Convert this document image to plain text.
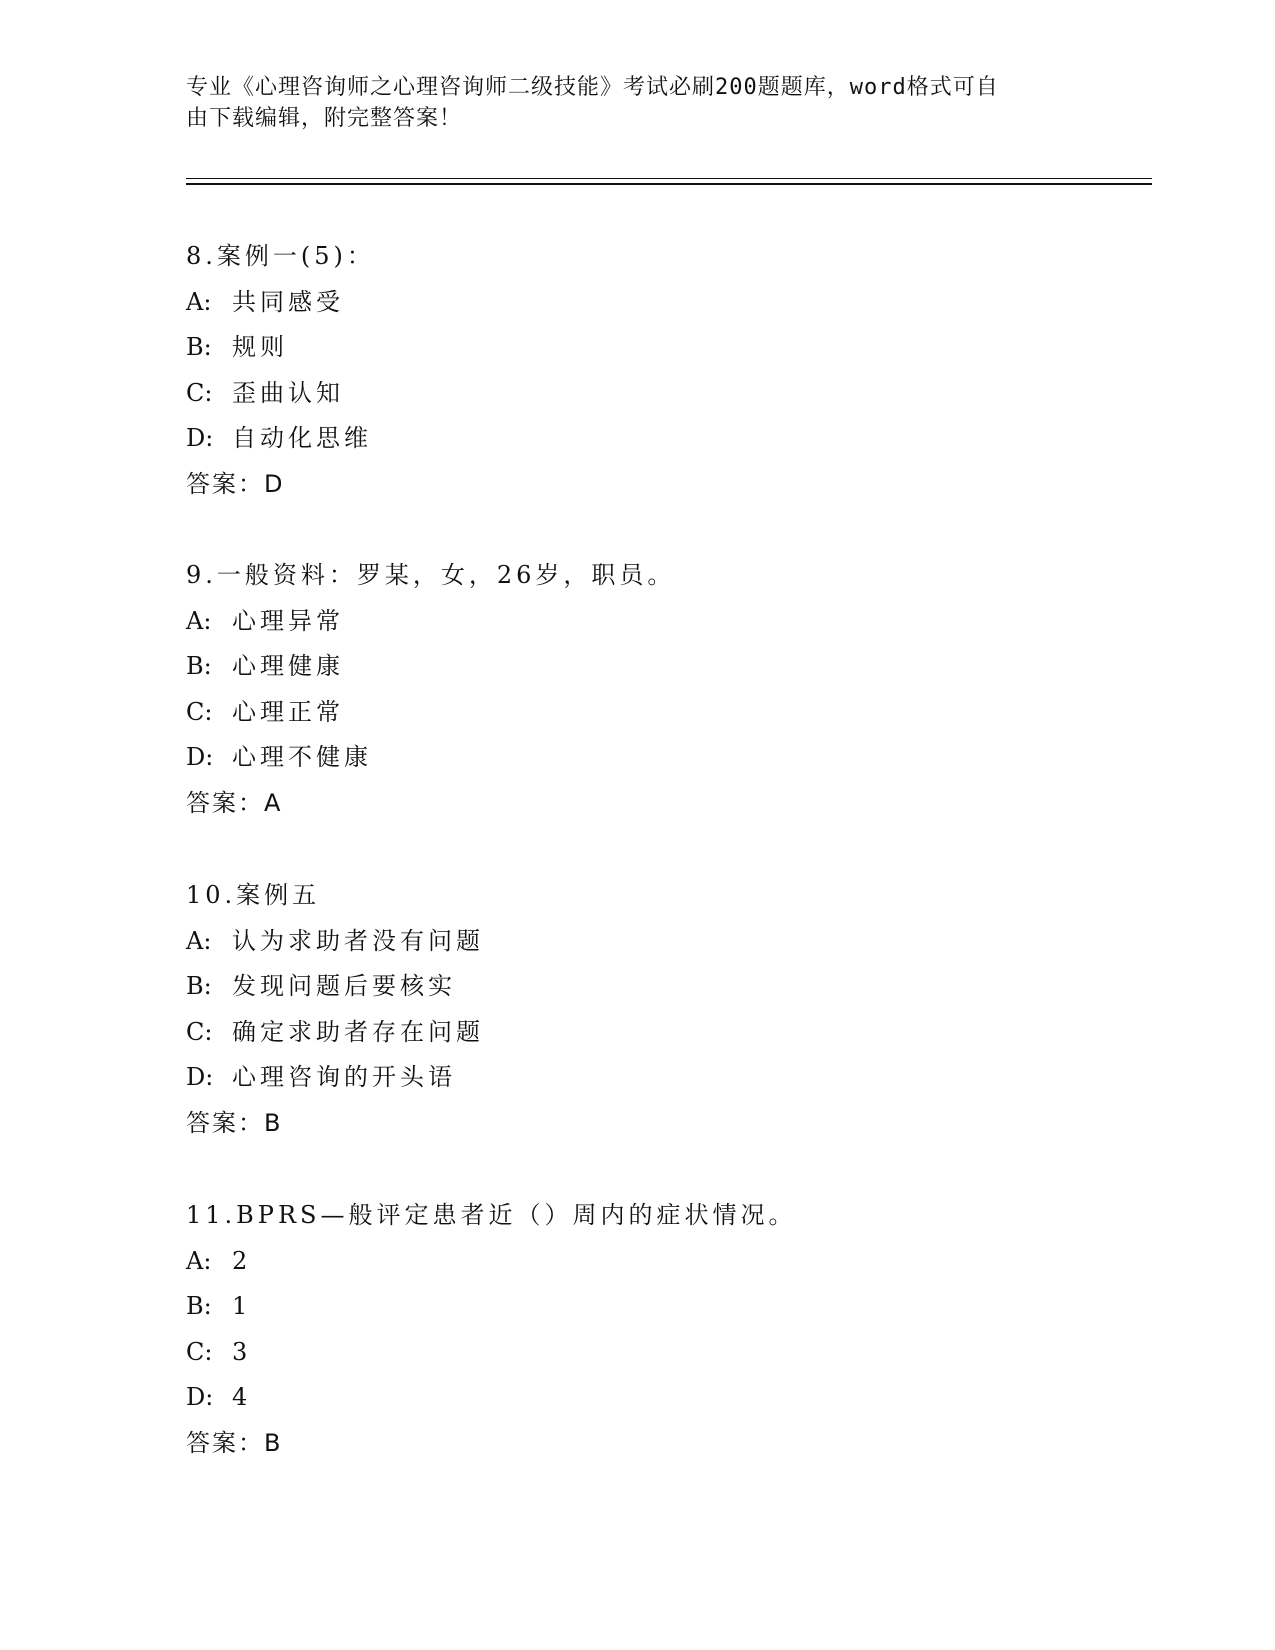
专业《心理咨询师之心理咨询师二级技能》考试必刷200题题库，word格式可自
由下载编辑，附完整答案！
8.案例一(5)：
A: 共同感受
B: 规则
C: 歪曲认知
D: 自动化思维
答案：D
9.一般资料：罗某，女，26岁，职员。
A: 心理异常
B: 心理健康
C: 心理正常
D: 心理不健康
答案：A
10.案例五
A: 认为求助者没有问题
B: 发现问题后要核实
C: 确定求助者存在问题
D: 心理咨询的开头语
答案：B
11.BPRS—般评定患者近（）周内的症状情况。
A: 2
B: 1
C: 3
D: 4
答案：B
